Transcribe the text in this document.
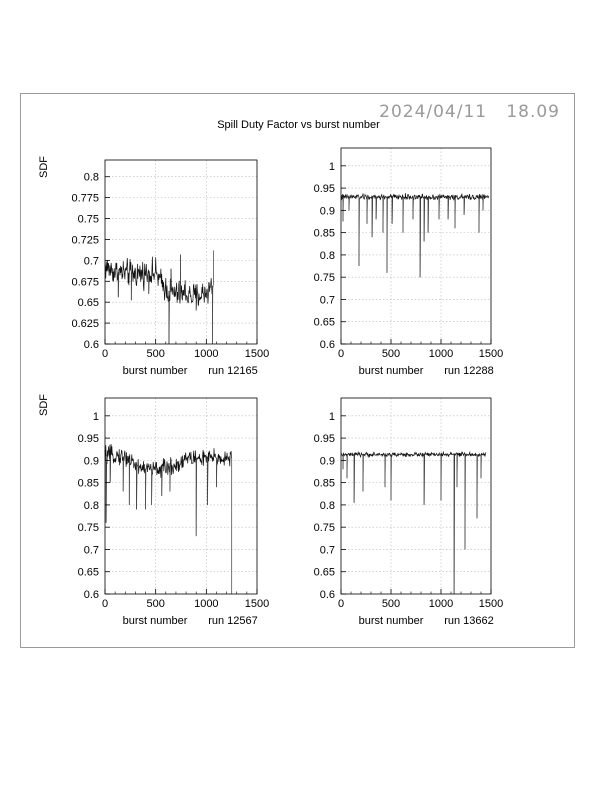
2024/04/11   18.09
Spill Duty Factor vs burst number
0	500	1000 1500
0.6
0.625
0.65
0.675
0.7
0.725
0.75
0.775
0.8
burst number run 12165
SDF
0	500	1000 1500
0.6
0.65
0.7
0.75
0.8
0.85
0.9
0.95
1
burst number run 12288
0	500	1000 1500
0.6
0.65
0.7
0.75
0.8
0.85
0.9
0.95
1
burst number run 12567
SDF
0	500	1000 1500
0.6
0.65
0.7
0.75
0.8
0.85
0.9
0.95
1
burst number run 13662
